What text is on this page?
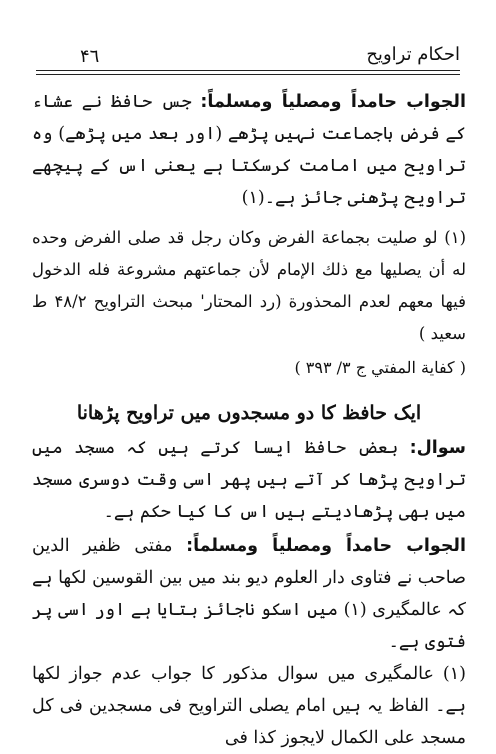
۴٦	احکام تراویح

الجواب حامداً ومصلیاً ومسلماً: جس حافظ نے عشاء کے فرض باجماعت نہیں پڑھے (اور بعد میں پڑھے) وہ تراویح میں امامت کرسکتا ہے یعنی اس کے پیچھے تراویح پڑھنی جائز ہے۔(۱)

(۱) لو صليت بجماعة الفرض وكان رجل قد صلى الفرض وحده له أن يصليها مع ذلك الإمام لأن جماعتهم مشروعة فله الدخول فيها معهم لعدم المحذورة (رد المحتار' مبحث التراويح ۴۸/۲ ط سعيد )

( كفاية المفتي ج ۳/ ۳۹۳ )

ایک حافظ کا دو مسجدوں میں تراویح پڑھانا

سوال: بعض حافظ ایسا کرتے ہیں کہ مسجد میں تراویح پڑھا کر آتے ہیں پھر اسی وقت دوسری مسجد میں بھی پڑھادیتے ہیں اس کا کیا حکم ہے۔

الجواب حامداً ومصلیاً ومسلماً: مفتی ظفیر الدین صاحب نے فتاوی دار العلوم دیو بند میں بین القوسین لکھا ہے کہ عالمگیری (۱) میں اسکو ناجائز بتایا ہے اور اسی پر فتوی ہے۔

(۱) عالمگیری میں سوال مذکور کا جواب عدم جواز لکھا ہے۔ الفاظ یہ ہیں امام يصلى التراويح فى مسجدين فى كل مسجد على الكمال لايجوز كذا فى
